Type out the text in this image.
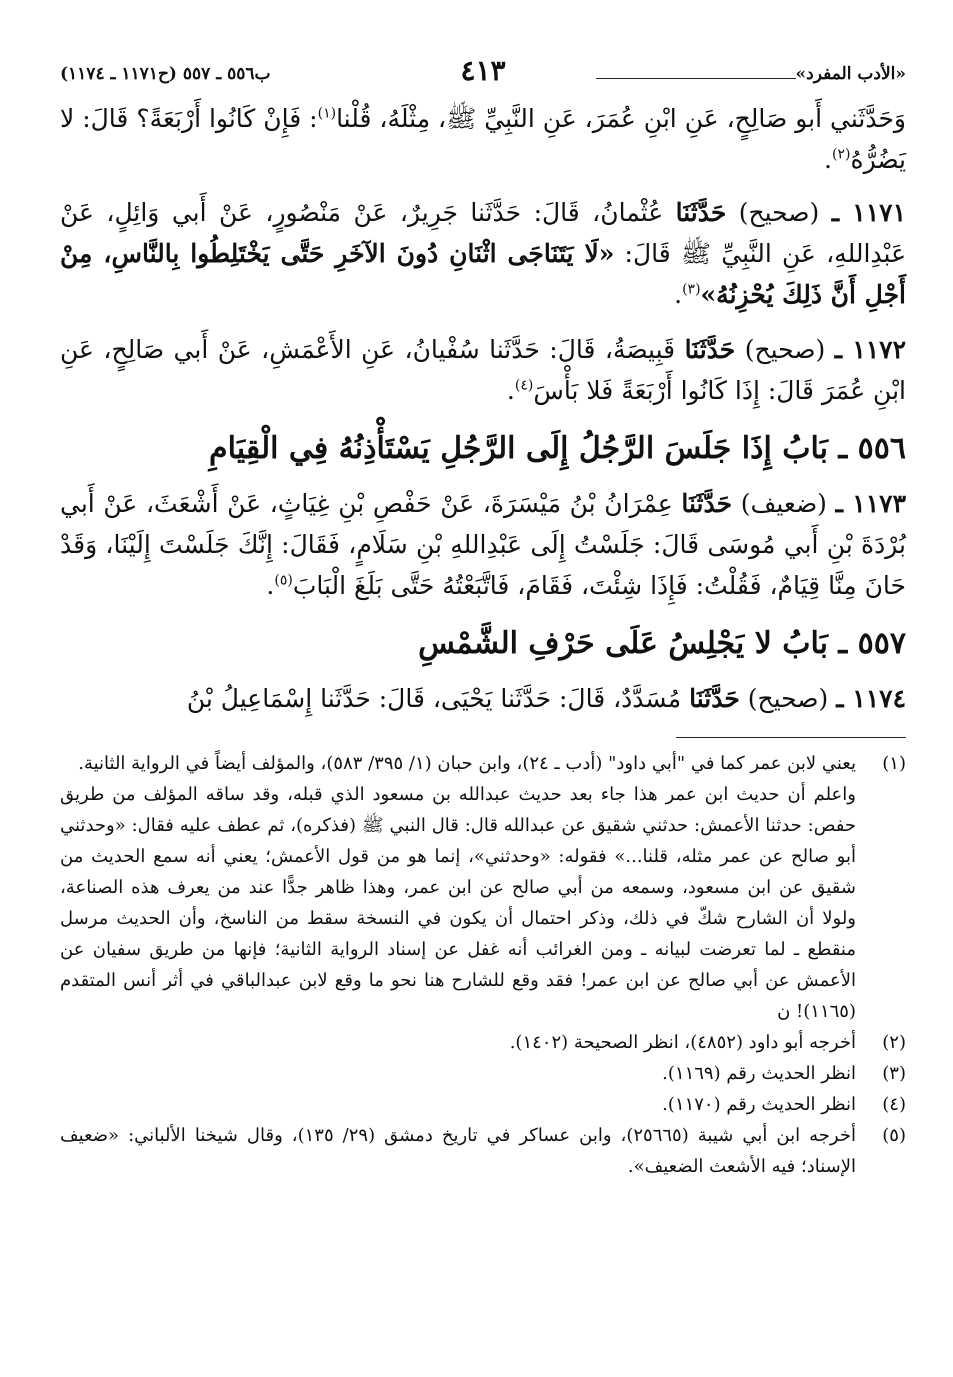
«الأدب المفرد»
٤١٣
ب٥٥٦ ـ ٥٥٧ (ح١١٧١ ـ ١١٧٤)

وَحَدَّثَني أَبو صَالِحٍ، عَنِ ابْنِ عُمَرَ، عَنِ النَّبِيِّ ﷺ، مِثْلَهُ، قُلْنا$^{(١)}$: فَإِنْ كَانُوا أَرْبَعَةً؟ قَالَ: لا يَضُرُّهُ$^{(٢)}$.

١١٧١ ـ (صحيح) حَدَّثَنَا عُثْمانُ، قَالَ: حَدَّثَنا جَرِيرٌ، عَنْ مَنْصُورٍ، عَنْ أَبي وَائِلٍ، عَنْ عَبْدِاللهِ، عَنِ النَّبِيِّ ﷺ قَالَ: «لَا يَتَنَاجَى اثْنَانِ دُونَ الآخَرِ حَتَّى يَخْتَلِطُوا بِالنَّاسِ، مِنْ أَجْلِ أَنَّ ذَلِكَ يُحْزِنُهُ»$^{(٣)}$.

١١٧٢ ـ (صحيح) حَدَّثَنَا قَبِيصَةُ، قَالَ: حَدَّثَنا سُفْيانُ، عَنِ الأَعْمَشِ، عَنْ أَبي صَالِحٍ، عَنِ ابْنِ عُمَرَ قَالَ: إِذَا كَانُوا أَرْبَعَةً فَلا بَأْسَ$^{(٤)}$.

٥٥٦ ـ بَابُ إِذَا جَلَسَ الرَّجُلُ إِلَى الرَّجُلِ يَسْتَأْذِنُهُ فِي الْقِيَامِ

١١٧٣ ـ (ضعيف) حَدَّثَنَا عِمْرَانُ بْنُ مَيْسَرَةَ، عَنْ حَفْصِ بْنِ غِيَاثٍ، عَنْ أَشْعَثَ، عَنْ أَبي بُرْدَةَ بْنِ أَبي مُوسَى قَالَ: جَلَسْتُ إِلَى عَبْدِاللهِ بْنِ سَلَامٍ، فَقَالَ: إِنَّكَ جَلَسْتَ إِلَيْنَا، وَقَدْ حَانَ مِنَّا قِيَامٌ، فَقُلْتُ: فَإِذَا شِئْتَ، فَقَامَ، فَاتَّبَعْتُهُ حَتَّى بَلَغَ الْبَابَ$^{(٥)}$.

٥٥٧ ـ بَابُ لا يَجْلِسُ عَلَى حَرْفِ الشَّمْسِ

١١٧٤ ـ (صحيح) حَدَّثَنَا مُسَدَّدٌ، قَالَ: حَدَّثَنا يَحْيَى، قَالَ: حَدَّثَنا إِسْمَاعِيلُ بْنُ

(١)
يعني لابن عمر كما في "أبي داود" (أدب ـ ٢٤)، وابن حبان (١/ ٣٩٥/ ٥٨٣)، والمؤلف أيضاً في الرواية الثانية.

واعلم أن حديث ابن عمر هذا جاء بعد حديث عبدالله بن مسعود الذي قبله، وقد ساقه المؤلف من طريق حفص: حدثنا الأعمش: حدثني شقيق عن عبدالله قال: قال النبي ﷺ (فذكره)، ثم عطف عليه فقال: «وحدثني أبو صالح عن عمر مثله، قلنا...» فقوله: «وحدثني»، إنما هو من قول الأعمش؛ يعني أنه سمع الحديث من شقيق عن ابن مسعود، وسمعه من أبي صالح عن ابن عمر، وهذا ظاهر جدًّا عند من يعرف هذه الصناعة، ولولا أن الشارح شكّ في ذلك، وذكر احتمال أن يكون في النسخة سقط من الناسخ، وأن الحديث مرسل منقطع ـ لما تعرضت لبيانه ـ ومن الغرائب أنه غفل عن إسناد الرواية الثانية؛ فإنها من طريق سفيان عن الأعمش عن أبي صالح عن ابن عمر! فقد وقع للشارح هنا نحو ما وقع لابن عبدالباقي في أثر أنس المتقدم (١١٦٥)! ن

(٢)
أخرجه أبو داود (٤٨٥٢)، انظر الصحيحة (١٤٠٢).
(٣)
انظر الحديث رقم (١١٦٩).
(٤)
انظر الحديث رقم (١١٧٠).
(٥)
أخرجه ابن أبي شيبة (٢٥٦٦٥)، وابن عساكر في تاريخ دمشق (٢٩/ ١٣٥)، وقال شيخنا الألباني: «ضعيف الإسناد؛ فيه الأشعث الضعيف».
